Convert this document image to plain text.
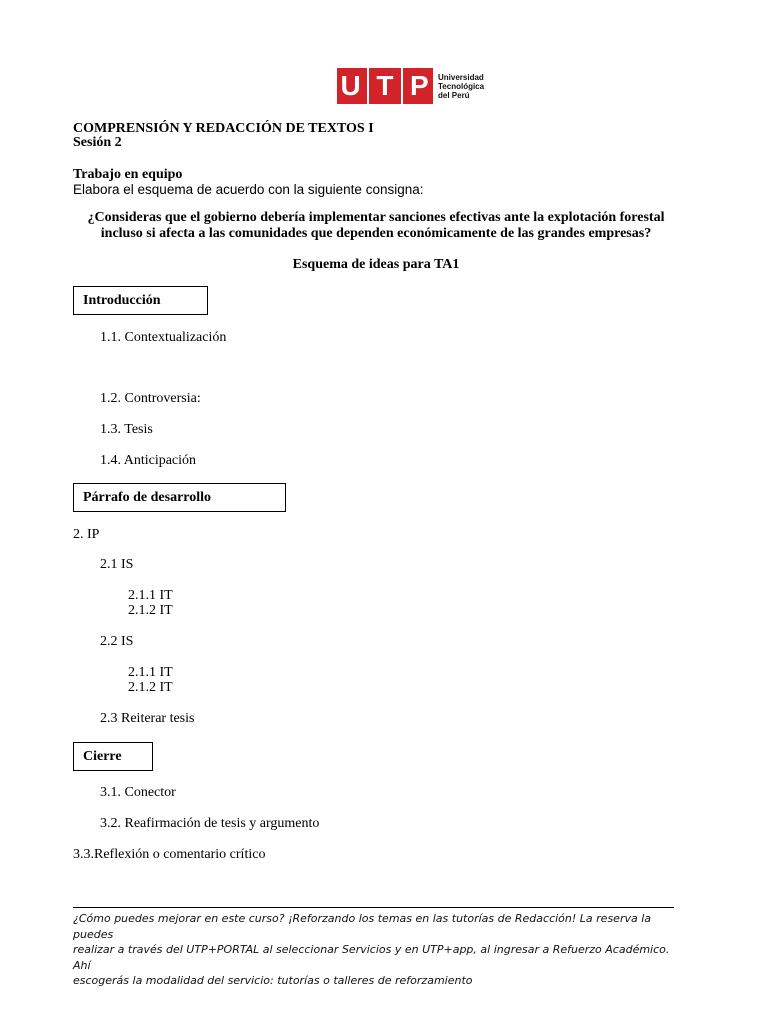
U T P Universidad
Tecnológica
del Perú
COMPRENSIÓN Y REDACCIÓN DE TEXTOS I
Sesión 2
Trabajo en equipo
Elabora el esquema de acuerdo con la siguiente consigna:
¿Consideras que el gobierno debería implementar sanciones efectivas ante la explotación forestal
incluso si afecta a las comunidades que dependen económicamente de las grandes empresas?
Esquema de ideas para TA1
Introducción
1.1. Contextualización
1.2. Controversia:
1.3. Tesis
1.4. Anticipación
Párrafo de desarrollo
2. IP
2.1 IS
2.1.1 IT
2.1.2 IT
2.2 IS
2.1.1 IT
2.1.2 IT
2.3 Reiterar tesis
Cierre
3.1. Conector
3.2. Reafirmación de tesis y argumento
3.3.Reflexión o comentario crítico
¿Cómo puedes mejorar en este curso? ¡Reforzando los temas en las tutorías de Redacción! La reserva la puedes
realizar a través del UTP+PORTAL al seleccionar Servicios y en UTP+app, al ingresar a Refuerzo Académico. Ahí
escogerás la modalidad del servicio: tutorías o talleres de reforzamiento
